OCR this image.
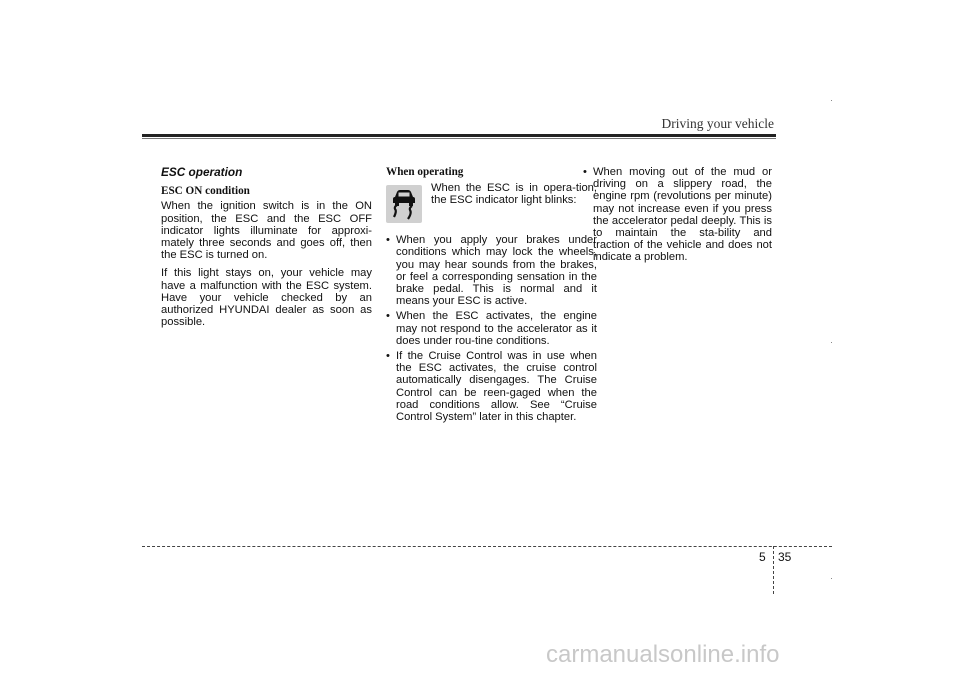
Driving your vehicle
ESC operation
ESC ON condition

When the ignition switch is in the ON position, the ESC and the ESC OFF indicator lights illuminate for approxi-mately three seconds and goes off, then the ESC is turned on.

If this light stays on, your vehicle may have a malfunction with the ESC system. Have your vehicle checked by an authorized HYUNDAI dealer as soon as possible.

When operating
When the ESC is in opera-tion, the ESC indicator light blinks:
• When you apply your brakes under conditions which may lock the wheels, you may hear sounds from the brakes, or feel a corresponding sensation in the brake pedal. This is normal and it means your ESC is active.
• When the ESC activates, the engine may not respond to the accelerator as it does under rou-tine conditions.
• If the Cruise Control was in use when the ESC activates, the cruise control automatically disengages. The Cruise Control can be reen-gaged when the road conditions allow. See “Cruise Control System” later in this chapter.
• When moving out of the mud or driving on a slippery road, the engine rpm (revolutions per minute) may not increase even if you press the accelerator pedal deeply. This is to maintain the sta-bility and traction of the vehicle and does not indicate a problem.
5 35
carmanualsonline.info
